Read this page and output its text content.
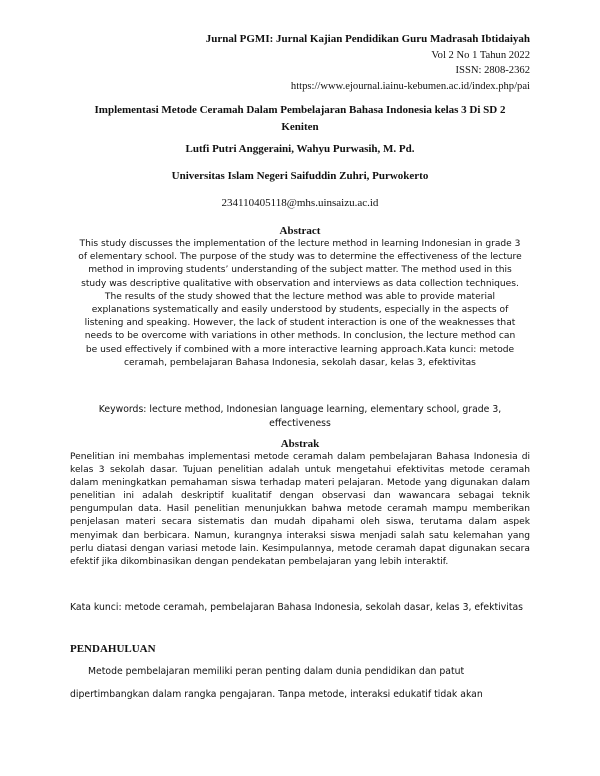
Jurnal PGMI: Jurnal Kajian Pendidikan Guru Madrasah Ibtidaiyah
Vol 2 No 1 Tahun 2022
ISSN: 2808-2362
https://www.ejournal.iainu-kebumen.ac.id/index.php/pai
Implementasi Metode Ceramah Dalam Pembelajaran Bahasa Indonesia kelas 3 Di SD 2 Keniten
Lutfi Putri Anggeraini, Wahyu Purwasih, M. Pd.
Universitas Islam Negeri Saifuddin Zuhri, Purwokerto
234110405118@mhs.uinsaizu.ac.id
Abstract
This study discusses the implementation of the lecture method in learning Indonesian in grade 3 of elementary school. The purpose of the study was to determine the effectiveness of the lecture method in improving students’ understanding of the subject matter. The method used in this study was descriptive qualitative with observation and interviews as data collection techniques. The results of the study showed that the lecture method was able to provide material explanations systematically and easily understood by students, especially in the aspects of listening and speaking. However, the lack of student interaction is one of the weaknesses that needs to be overcome with variations in other methods. In conclusion, the lecture method can be used effectively if combined with a more interactive learning approach.Kata kunci: metode ceramah, pembelajaran Bahasa Indonesia, sekolah dasar, kelas 3, efektivitas
Keywords: lecture method, Indonesian language learning, elementary school, grade 3, effectiveness
Abstrak
Penelitian ini membahas implementasi metode ceramah dalam pembelajaran Bahasa Indonesia di kelas 3 sekolah dasar. Tujuan penelitian adalah untuk mengetahui efektivitas metode ceramah dalam meningkatkan pemahaman siswa terhadap materi pelajaran. Metode yang digunakan dalam penelitian ini adalah deskriptif kualitatif dengan observasi dan wawancara sebagai teknik pengumpulan data. Hasil penelitian menunjukkan bahwa metode ceramah mampu memberikan penjelasan materi secara sistematis dan mudah dipahami oleh siswa, terutama dalam aspek menyimak dan berbicara. Namun, kurangnya interaksi siswa menjadi salah satu kelemahan yang perlu diatasi dengan variasi metode lain. Kesimpulannya, metode ceramah dapat digunakan secara efektif jika dikombinasikan dengan pendekatan pembelajaran yang lebih interaktif.
Kata kunci: metode ceramah, pembelajaran Bahasa Indonesia, sekolah dasar, kelas 3, efektivitas
PENDAHULUAN
Metode pembelajaran memiliki peran penting dalam dunia pendidikan dan patut
dipertimbangkan dalam rangka pengajaran. Tanpa metode, interaksi edukatif tidak akan
